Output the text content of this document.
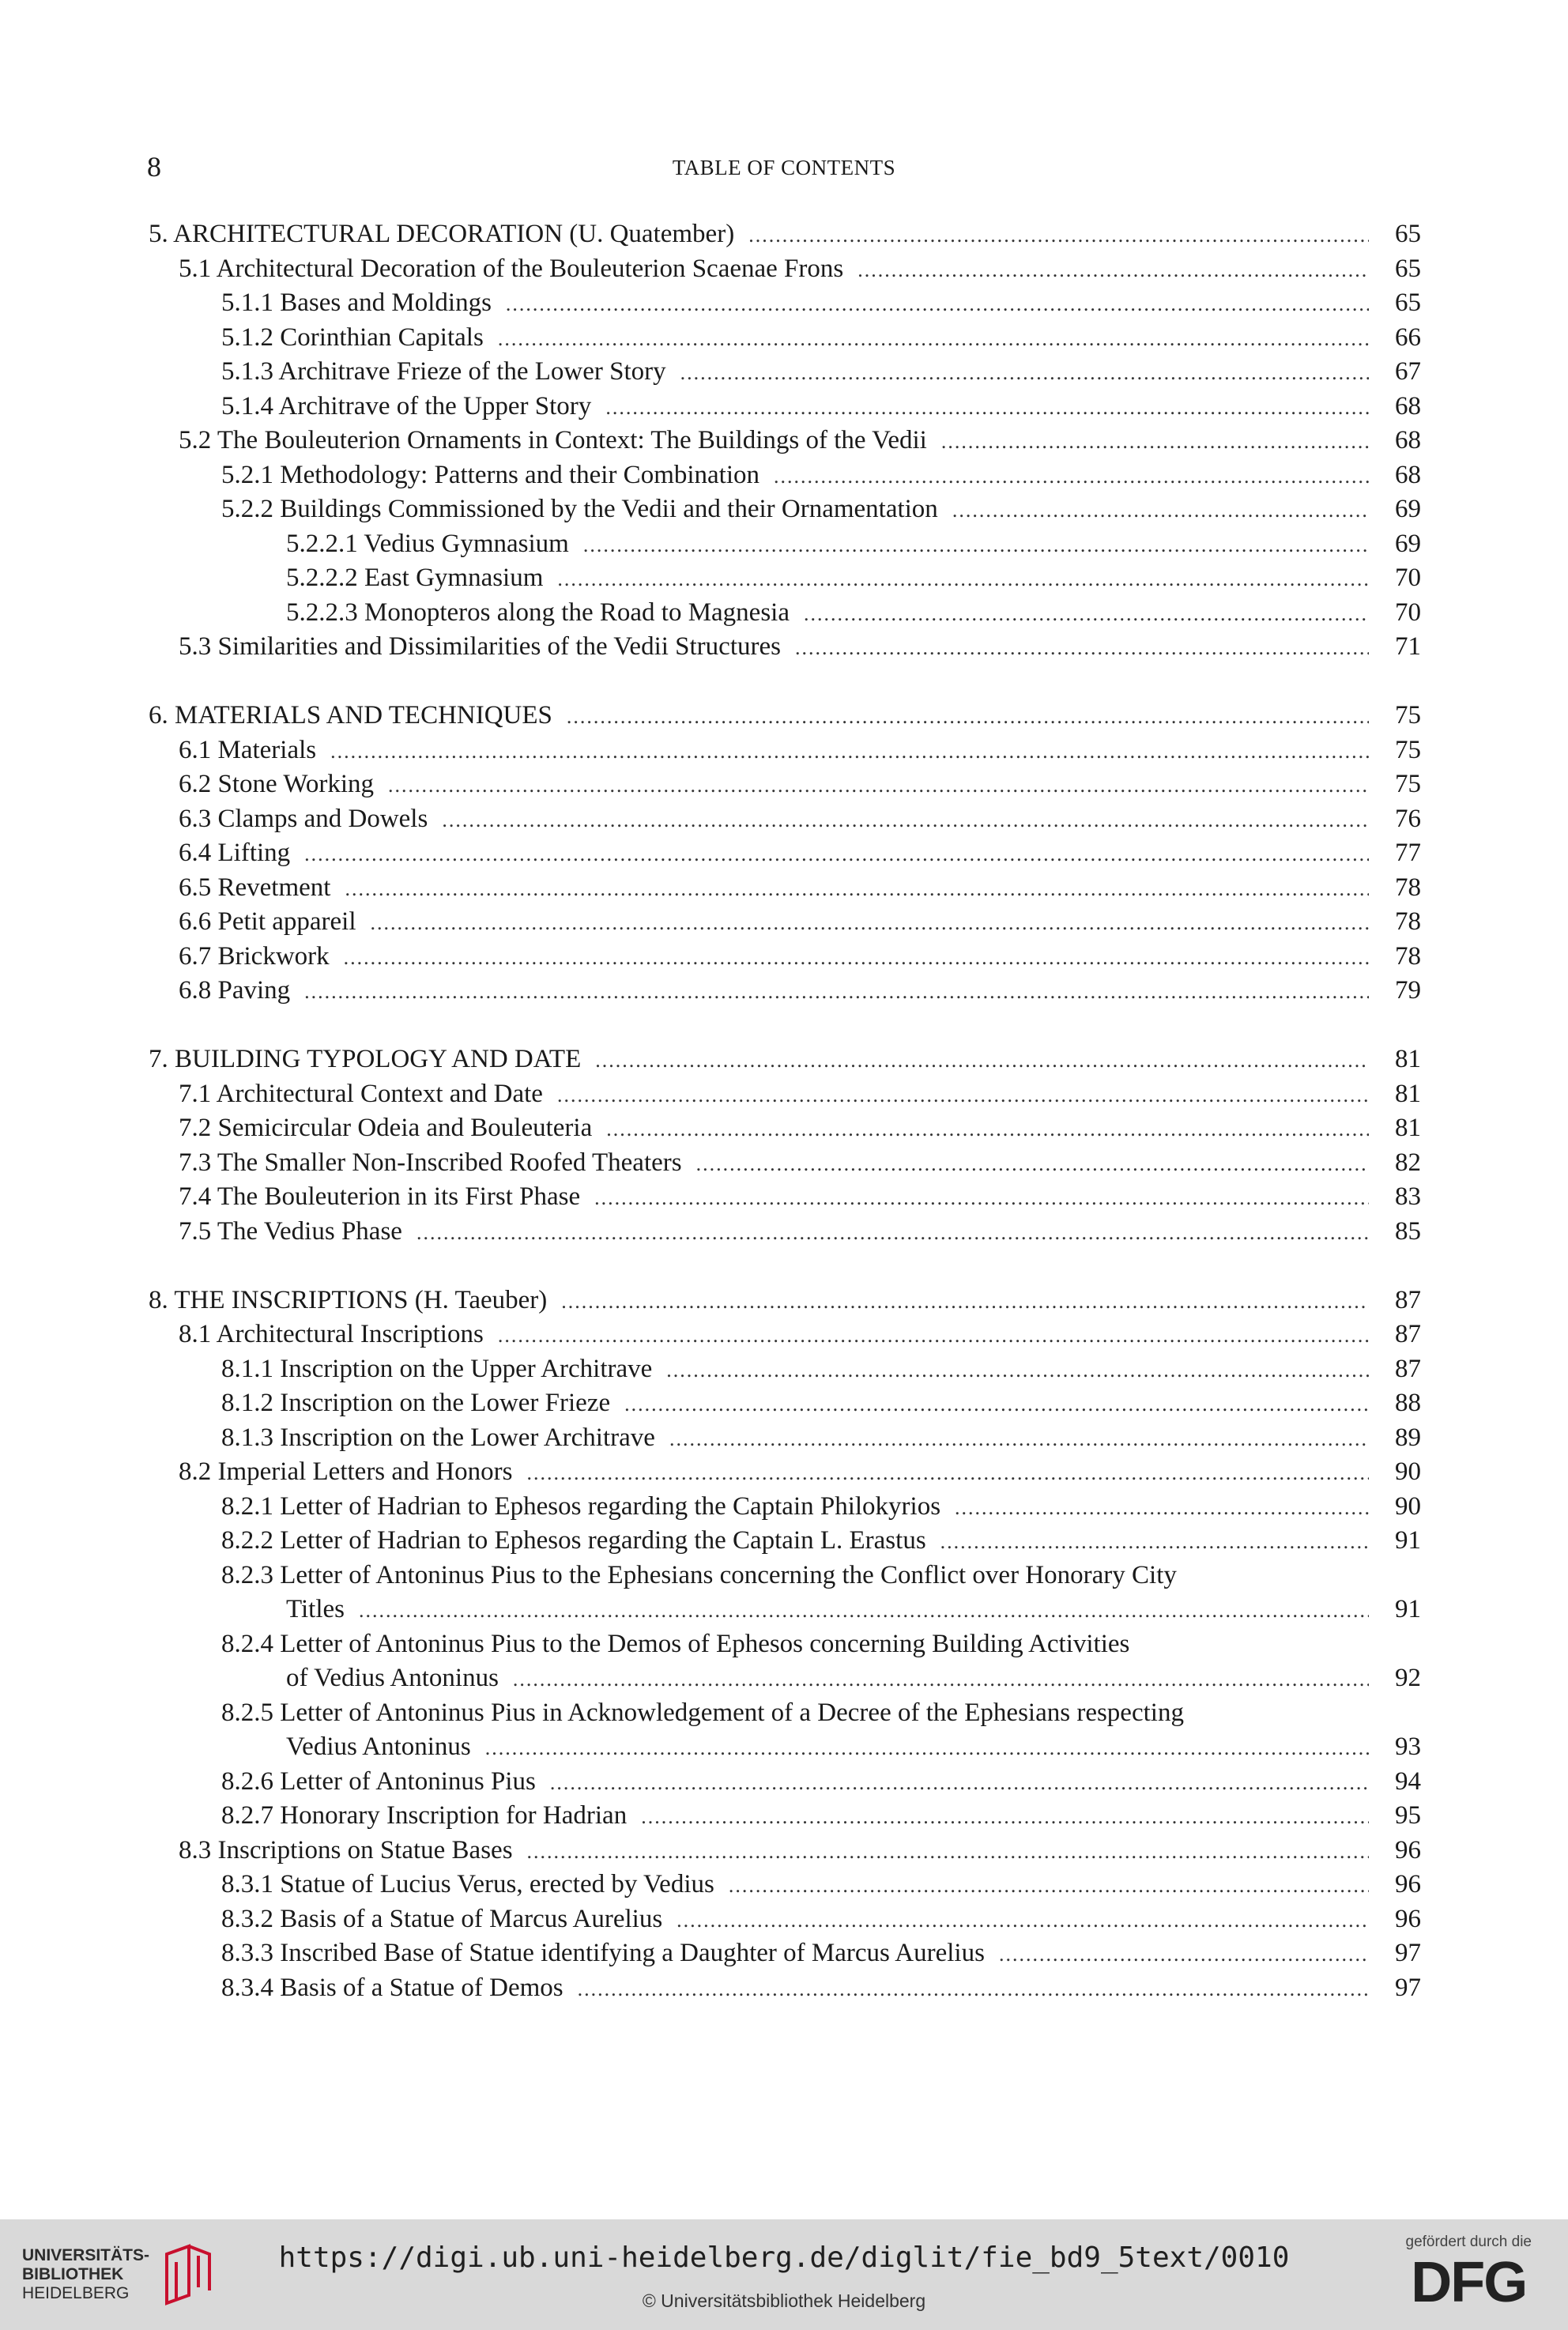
8	TABLE OF CONTENTS
5. ARCHITECTURAL DECORATION (U. Quatember) .....	65
5.1 Architectural Decoration of the Bouleuterion Scaenae Frons .....	65
5.1.1 Bases and Moldings .....	65
5.1.2 Corinthian Capitals .....	66
5.1.3 Architrave Frieze of the Lower Story .....	67
5.1.4 Architrave of the Upper Story .....	68
5.2 The Bouleuterion Ornaments in Context: The Buildings of the Vedii .....	68
5.2.1 Methodology: Patterns and their Combination .....	68
5.2.2 Buildings Commissioned by the Vedii and their Ornamentation .....	69
5.2.2.1 Vedius Gymnasium .....	69
5.2.2.2 East Gymnasium .....	70
5.2.2.3 Monopteros along the Road to Magnesia .....	70
5.3 Similarities and Dissimilarities of the Vedii Structures .....	71
6. MATERIALS AND TECHNIQUES .....	75
6.1 Materials .....	75
6.2 Stone Working .....	75
6.3 Clamps and Dowels .....	76
6.4 Lifting .....	77
6.5 Revetment .....	78
6.6 Petit appareil .....	78
6.7 Brickwork .....	78
6.8 Paving .....	79
7. BUILDING TYPOLOGY AND DATE .....	81
7.1 Architectural Context and Date .....	81
7.2 Semicircular Odeia and Bouleuteria .....	81
7.3 The Smaller Non-Inscribed Roofed Theaters .....	82
7.4 The Bouleuterion in its First Phase .....	83
7.5 The Vedius Phase .....	85
8. THE INSCRIPTIONS (H. Taeuber) .....	87
8.1 Architectural Inscriptions .....	87
8.1.1 Inscription on the Upper Architrave .....	87
8.1.2 Inscription on the Lower Frieze .....	88
8.1.3 Inscription on the Lower Architrave .....	89
8.2 Imperial Letters and Honors .....	90
8.2.1 Letter of Hadrian to Ephesos regarding the Captain Philokyrios .....	90
8.2.2 Letter of Hadrian to Ephesos regarding the Captain L. Erastus .....	91
8.2.3 Letter of Antoninus Pius to the Ephesians concerning the Conflict over Honorary City
Titles .....	91
8.2.4 Letter of Antoninus Pius to the Demos of Ephesos concerning Building Activities
of Vedius Antoninus .....	92
8.2.5 Letter of Antoninus Pius in Acknowledgement of a Decree of the Ephesians respecting
Vedius Antoninus .....	93
8.2.6 Letter of Antoninus Pius .....	94
8.2.7 Honorary Inscription for Hadrian .....	95
8.3 Inscriptions on Statue Bases .....	96
8.3.1 Statue of Lucius Verus, erected by Vedius .....	96
8.3.2 Basis of a Statue of Marcus Aurelius .....	96
8.3.3 Inscribed Base of Statue identifying a Daughter of Marcus Aurelius .....	97
8.3.4 Basis of a Statue of Demos .....	97
UNIVERSITÄTS-
BIBLIOTHEK
HEIDELBERG
https://digi.ub.uni-heidelberg.de/diglit/fie_bd9_5text/0010
© Universitätsbibliothek Heidelberg
gefördert durch die
DFG
